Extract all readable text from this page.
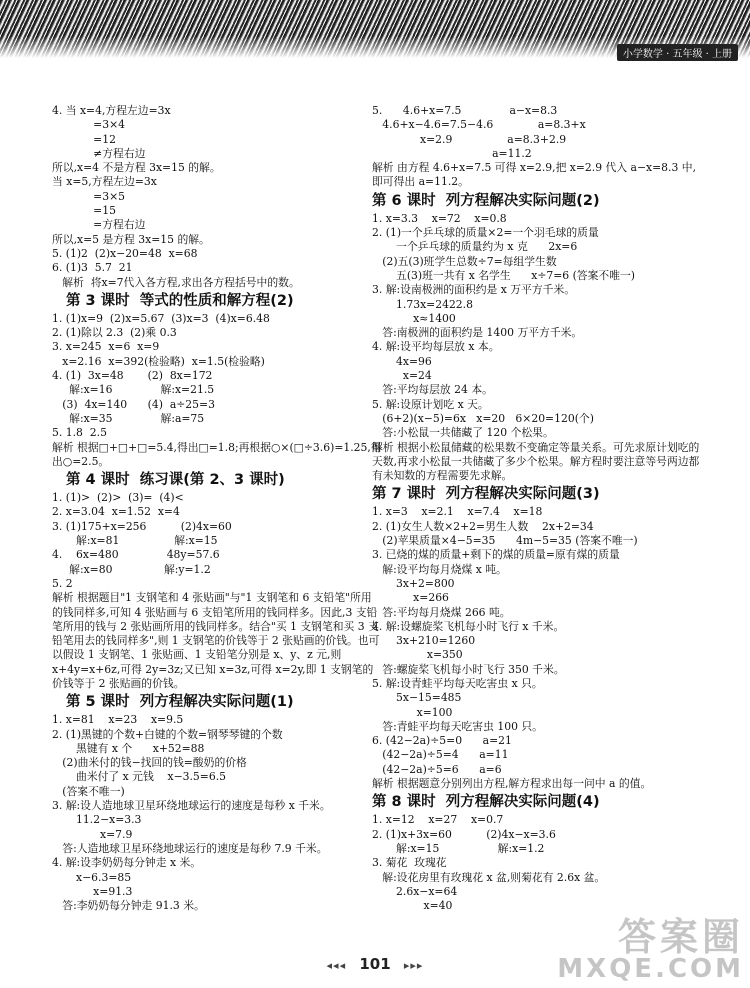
小学数学 · 五年级 · 上册
4. 当 x=4,方程左边=3x
=3×4
=12
≠方程右边
所以,x=4 不是方程 3x=15 的解。
当 x=5,方程左边=3x
=3×5
=15
=方程右边
所以,x=5 是方程 3x=15 的解。
5. (1)2  (2)x−20=48  x=68
6. (1)3  5.7  21
解析  将x=7代入各方程,求出各方程括号中的数。
第 3 课时  等式的性质和解方程(2)
1. (1)x=9  (2)x=5.67  (3)x=3  (4)x=6.48
2. (1)除以 2.3  (2)乘 0.3
3. x=245  x=6  x=9
x=2.16  x=392(检验略)  x=1.5(检验略)
4. (1)  3x=48       (2)  8x=172
解:x=16              解:x=21.5
(3)  4x=140      (4)  a÷25=3
解:x=35              解:a=75
5. 1.8  2.5
解析 根据□+□+□=5.4,得出□=1.8;再根据○×(□÷3.6)=1.25,得出○=2.5。
第 4 课时  练习课(第 2、3 课时)
1. (1)>  (2)>  (3)=  (4)<
2. x=3.04  x=1.52  x=4
3. (1)175+x=256          (2)4x=60
解:x=81                解:x=15
4.    6x=480              48y=57.6
解:x=80               解:y=1.2
5. 2
解析 根据题目"1 支钢笔和 4 张贴画"与"1 支钢笔和 6 支铅笔"所用的钱同样多,可知 4 张贴画与 6 支铅笔所用的钱同样多。因此,3 支铅笔所用的钱与 2 张贴画所用的钱同样多。结合"买 1 支钢笔和买 3 支铅笔用去的钱同样多",则 1 支钢笔的价钱等于 2 张贴画的价钱。也可以假设 1 支钢笔、1 张贴画、1 支铅笔分别是 x、y、z 元,则 x+4y=x+6z,可得 2y=3z;又已知 x=3z,可得 x=2y,即 1 支钢笔的价钱等于 2 张贴画的价钱。
第 5 课时  列方程解决实际问题(1)
1. x=81    x=23    x=9.5
2. (1)黑键的个数+白键的个数=钢琴琴键的个数
黑键有 x 个      x+52=88
(2)曲米付的钱−找回的钱=酸奶的价格
曲米付了 x 元钱    x−3.5=6.5
(答案不唯一)
3. 解:设人造地球卫星环绕地球运行的速度是每秒 x 千米。
11.2−x=3.3
x=7.9
答:人造地球卫星环绕地球运行的速度是每秒 7.9 千米。
4. 解:设李奶奶每分钟走 x 米。
x−6.3=85
x=91.3
答:李奶奶每分钟走 91.3 米。
5.      4.6+x=7.5              a−x=8.3
4.6+x−4.6=7.5−4.6             a=8.3+x
x=2.9                a=8.3+2.9
a=11.2
解析 由方程 4.6+x=7.5 可得 x=2.9,把 x=2.9 代入 a−x=8.3 中,即可得出 a=11.2。
第 6 课时  列方程解决实际问题(2)
1. x=3.3    x=72    x=0.8
2. (1)一个乒乓球的质量×2=一个羽毛球的质量
一个乒乓球的质量约为 x 克      2x=6
(2)五(3)班学生总数÷7=每组学生数
五(3)班一共有 x 名学生      x÷7=6 (答案不唯一)
3. 解:设南极洲的面积约是 x 万平方千米。
1.73x=2422.8
x≈1400
答:南极洲的面积约是 1400 万平方千米。
4. 解:设平均每层放 x 本。
4x=96
x=24
答:平均每层放 24 本。
5. 解:设原计划吃 x 天。
(6+2)(x−5)=6x   x=20   6×20=120(个)
答:小松鼠一共储藏了 120 个松果。
解析 根据小松鼠储藏的松果数不变确定等量关系。可先求原计划吃的天数,再求小松鼠一共储藏了多少个松果。解方程时要注意等号两边都有未知数的方程需要先求解。
第 7 课时  列方程解决实际问题(3)
1. x=3    x=2.1    x=7.4    x=18
2. (1)女生人数×2+2=男生人数    2x+2=34
(2)苹果质量×4−5=35      4m−5=35 (答案不唯一)
3. 已烧的煤的质量+剩下的煤的质量=原有煤的质量
解:设平均每月烧煤 x 吨。
3x+2=800
x=266
答:平均每月烧煤 266 吨。
4. 解:设螺旋桨飞机每小时飞行 x 千米。
3x+210=1260
x=350
答:螺旋桨飞机每小时飞行 350 千米。
5. 解:设青蛙平均每天吃害虫 x 只。
5x−15=485
x=100
答:青蛙平均每天吃害虫 100 只。
6. (42−2a)÷5=0      a=21
(42−2a)÷5=4      a=11
(42−2a)÷5=6      a=6
解析 根据题意分别列出方程,解方程求出每一问中 a 的值。
第 8 课时  列方程解决实际问题(4)
1. x=12    x=27    x=0.7
2. (1)x+3x=60          (2)4x−x=3.6
解:x=15                 解:x=1.2
3. 菊花  玫瑰花
解:设花房里有玫瑰花 x 盆,则菊花有 2.6x 盆。
2.6x−x=64
x=40
◂◂◂ 101 ▸▸▸
答案圈
MXQE.COM
